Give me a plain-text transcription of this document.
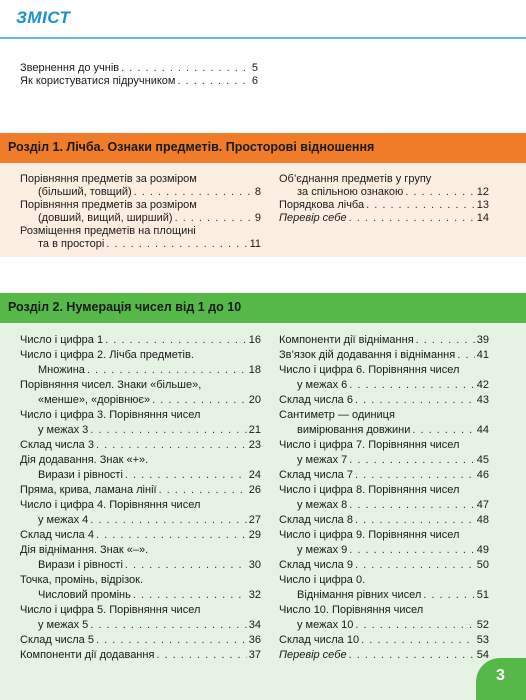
ЗМІСТ
Звернення до учнів . . .	5
Як користуватися підручником . . .	6
Розділ 1. Лічба. Ознаки предметів. Просторові відношення
Порівняння предметів за розміром
(більший, товщий) . . .	8
Порівняння предметів за розміром
(довший, вищий, ширший) . . .	9
Розміщення предметів на площині
та в просторі . . .	11
Об’єднання предметів у групу
за спільною ознакою . . .	12
Порядкова лічба . . .	13
Перевір себе . . .	14
Розділ 2. Нумерація чисел від 1 до 10
Число і цифра 1 . . .	16
Число і цифра 2. Лічба предметів.
Множина . . .	18
Порівняння чисел. Знаки «більше»,
«менше», «дорівнює» . . .	20
Число і цифра 3. Порівняння чисел
у межах 3 . . .	21
Склад числа 3 . . .	23
Дія додавання. Знак «+».
Вирази і рівності . . .	24
Пряма, крива, ламана лінії . . .	26
Число і цифра 4. Порівняння чисел
у межах 4 . . .	27
Склад числа 4 . . .	29
Дія віднімання. Знак «–».
Вирази і рівності . . .	30
Точка, промінь, відрізок.
Числовий промінь . . .	32
Число і цифра 5. Порівняння чисел
у межах 5 . . .	34
Склад числа 5 . . .	36
Компоненти дії додавання . . .	37
Компоненти дії віднімання . . .	39
Зв’язок дій додавання і віднімання . . . 41
Число і цифра 6. Порівняння чисел
у межах 6 . . .	42
Склад числа 6 . . .	43
Сантиметр — одиниця
вимірювання довжини . . .	44
Число і цифра 7. Порівняння чисел
у межах 7 . . .	45
Склад числа 7 . . .	46
Число і цифра 8. Порівняння чисел
у межах 8 . . .	47
Склад числа 8 . . .	48
Число і цифра 9. Порівняння чисел
у межах 9 . . .	49
Склад числа 9 . . .	50
Число і цифра 0.
Віднімання рівних чисел . . .	51
Число 10. Порівняння чисел
у межах 10 . . .	52
Склад числа 10 . . .	53
Перевір себе . . .	54
3
